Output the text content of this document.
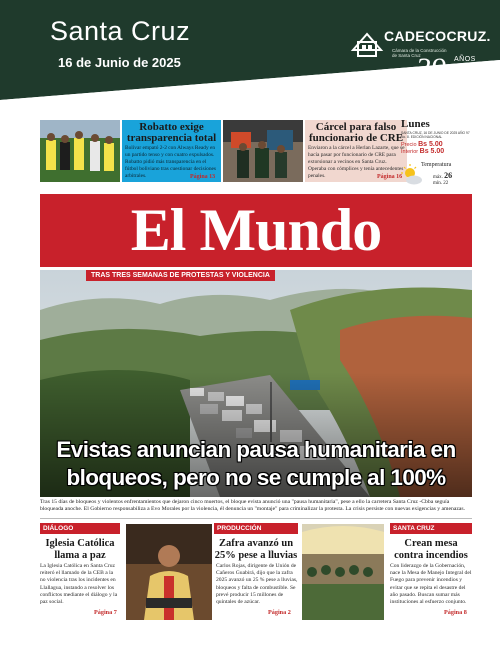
Santa Cruz
16 de Junio de 2025
CADECOCRUZ.
Cámara de la Construcción de Santa Cruz
39 AÑOS
Robatto exige transparencia total
Bolívar empató 2-2 con Always Ready en un partido tenso y con cuatro expulsados. Robatto pidió más transparencia en el fútbol boliviano tras cuestionar decisiones arbitrales.	Página 13
Cárcel para falso funcionario de CRE
Enviaron a la cárcel a Herlan Lazarte, que se hacía pasar por funcionario de CRE para extorsionar a vecinos en Santa Cruz. Operaba con cómplices y tenía antecedentes penales.	Página 16
Lunes
SANTA CRUZ, 16 DE JUNIO DE 2025 AÑO 97 No. 8. EDICIÓN NACIONAL
Precio Bs 5.00
Interior Bs 5.00
Temperatura
máx. 26
mín. 22
El Mundo
TRAS TRES SEMANAS DE PROTESTAS Y VIOLENCIA
Evistas anuncian pausa humanitaria en bloqueos, pero no se cumple al 100%
Tras 15 días de bloqueos y violentos enfrentamientos que dejaron cinco muertos, el bloque evista anunció una "pausa humanitaria", pese a ello la carretera Santa Cruz -Cbba seguía bloqueada anoche. El Gobierno responsabiliza a Evo Morales por la violencia, él denuncia un "montaje" para criminalizar la protesta. La crisis persiste con nuevas exigencias y amenazas.
DIÁLOGO
Iglesia Católica llama a paz
La Iglesia Católica en Santa Cruz reiteró el llamado de la CEB a la no violencia tras los incidentes en Llallagua, instando a resolver los conflictos mediante el diálogo y la paz social.
Página 7
PRODUCCIÓN
Zafra avanzó un 25% pese a lluvias
Carlos Rojas, dirigente de Unión de Cañeros Guabirá, dijo que la zafra 2025 avanzó un 25 % pese a lluvias, bloqueos y falta de combustible. Se prevé producir 15 millones de quintales de azúcar.
Página 2
SANTA CRUZ
Crean mesa contra incendios
Con liderazgo de la Gobernación, nace la Mesa de Manejo Integral del Fuego para prevenir incendios y evitar que se repita el desastre del año pasado. Buscan sumar más instituciones al esfuerzo conjunto.
Página 8
